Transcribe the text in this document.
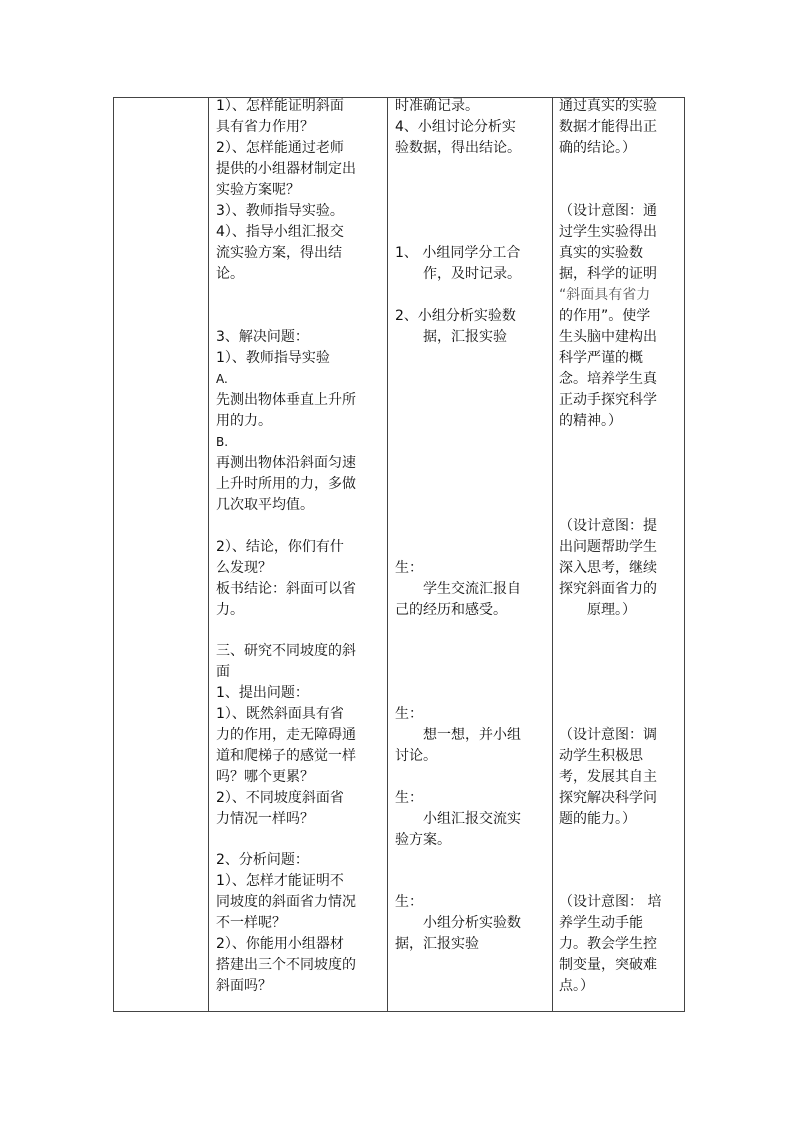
1）、怎样能证明斜面
具有省力作用？
2）、怎样能通过老师
提供的小组器材制定出
实验方案呢？
3）、教师指导实验。
4）、指导小组汇报交
流实验方案，得出结
论。
3、解决问题：
1）、教师指导实验
A.
先测出物体垂直上升所
用的力。
B.
再测出物体沿斜面匀速
上升时所用的力，多做
几次取平均值。
2）、结论，你们有什
么发现？
板书结论：斜面可以省
力。
三、研究不同坡度的斜
面
1、提出问题：
1）、既然斜面具有省
力的作用，走无障碍通
道和爬梯子的感觉一样
吗？哪个更累？
2）、不同坡度斜面省
力情况一样吗？
2、分析问题：
1）、怎样才能证明不
同坡度的斜面省力情况
不一样呢？
2）、你能用小组器材
搭建出三个不同坡度的
斜面吗？
时准确记录。
4、小组讨论分析实
验数据，得出结论。
1、 小组同学分工合
作，及时记录。
2、小组分析实验数
据，汇报实验
生：
学生交流汇报自
己的经历和感受。
生：
想一想，并小组
讨论。
生：
小组汇报交流实
验方案。
生：
小组分析实验数
据，汇报实验
通过真实的实验
数据才能得出正
确的结论。）
（设计意图：通
过学生实验得出
真实的实验数
据，科学的证明
“斜面具有省力
的作用”。使学
生头脑中建构出
科学严谨的概
念。培养学生真
正动手探究科学
的精神。）
（设计意图：提
出问题帮助学生
深入思考，继续
探究斜面省力的
原理。）
（设计意图：调
动学生积极思
考，发展其自主
探究解决科学问
题的能力。）
（设计意图： 培
养学生动手能
力。教会学生控
制变量，突破难
点。）
